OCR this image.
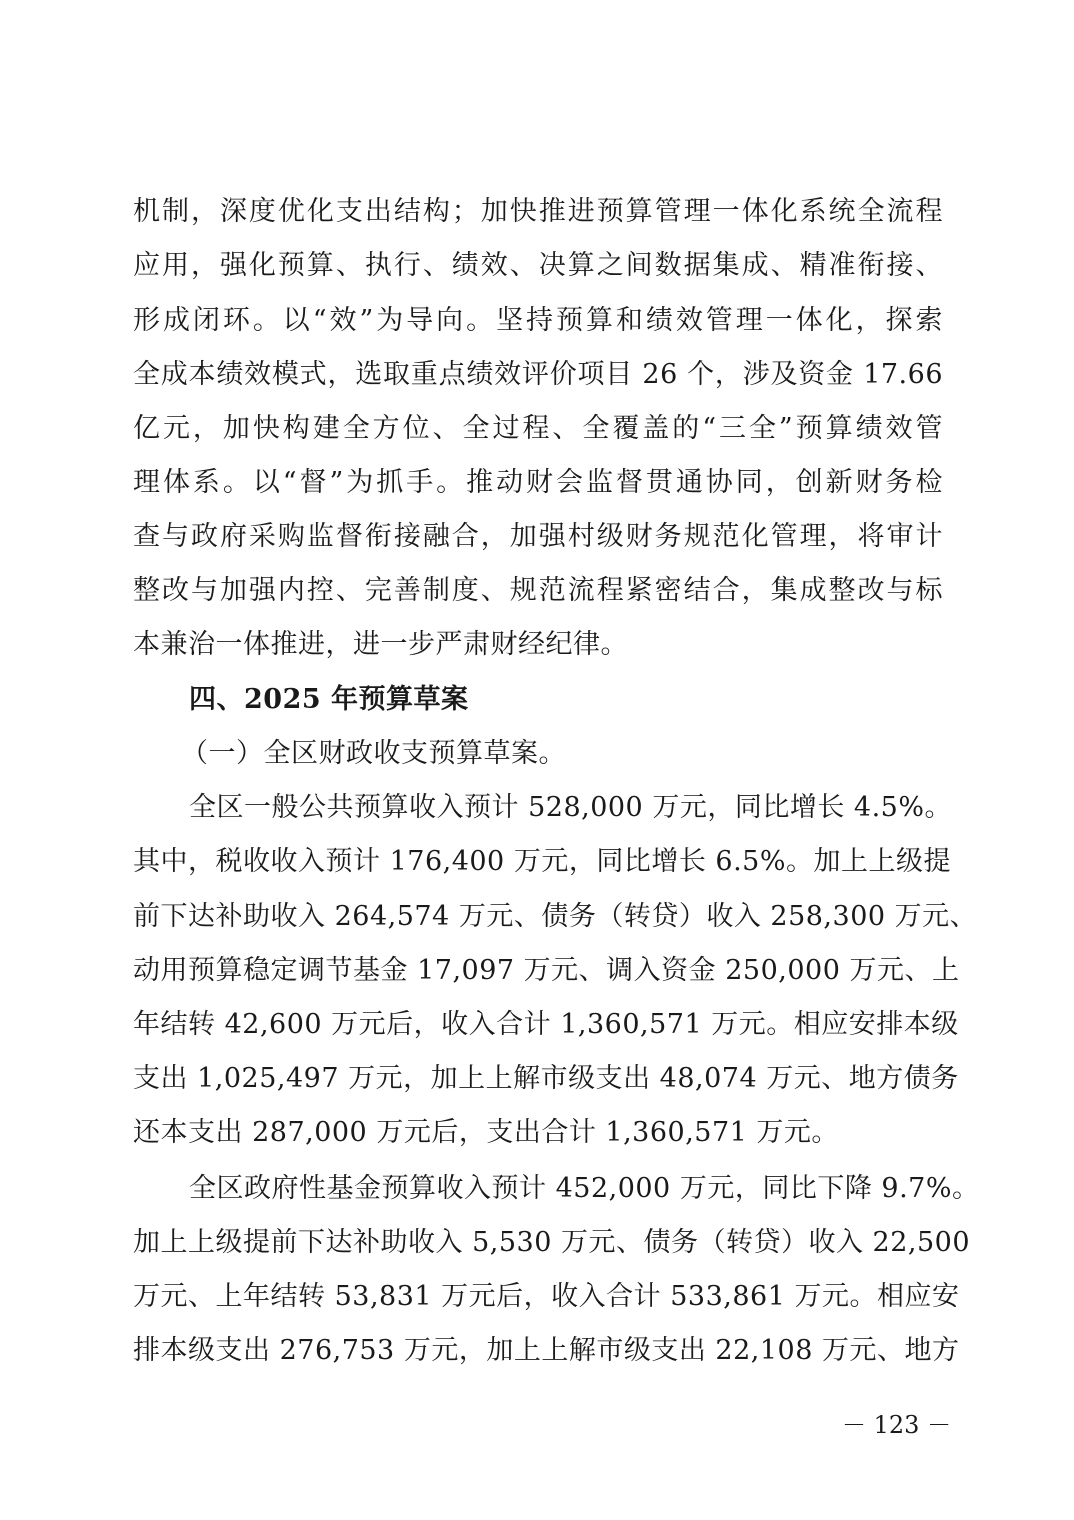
机制，深度优化支出结构；加快推进预算管理一体化系统全流程
应用，强化预算、执行、绩效、决算之间数据集成、精准衔接、
形成闭环。以“效”为导向。坚持预算和绩效管理一体化，探索
全成本绩效模式，选取重点绩效评价项目 26 个，涉及资金 17.66
亿元，加快构建全方位、全过程、全覆盖的“三全”预算绩效管
理体系。以“督”为抓手。推动财会监督贯通协同，创新财务检
查与政府采购监督衔接融合，加强村级财务规范化管理，将审计
整改与加强内控、完善制度、规范流程紧密结合，集成整改与标
本兼治一体推进，进一步严肃财经纪律。
四、2025 年预算草案
（一）全区财政收支预算草案。
全区一般公共预算收入预计 528,000 万元，同比增长 4.5%。
其中，税收收入预计 176,400 万元，同比增长 6.5%。加上上级提
前下达补助收入 264,574 万元、债务（转贷）收入 258,300 万元、
动用预算稳定调节基金 17,097 万元、调入资金 250,000 万元、上
年结转 42,600 万元后，收入合计 1,360,571 万元。相应安排本级
支出 1,025,497 万元，加上上解市级支出 48,074 万元、地方债务
还本支出 287,000 万元后，支出合计 1,360,571 万元。
全区政府性基金预算收入预计 452,000 万元，同比下降 9.7%。
加上上级提前下达补助收入 5,530 万元、债务（转贷）收入 22,500
万元、上年结转 53,831 万元后，收入合计 533,861 万元。相应安
排本级支出 276,753 万元，加上上解市级支出 22,108 万元、地方
－ 123 －
